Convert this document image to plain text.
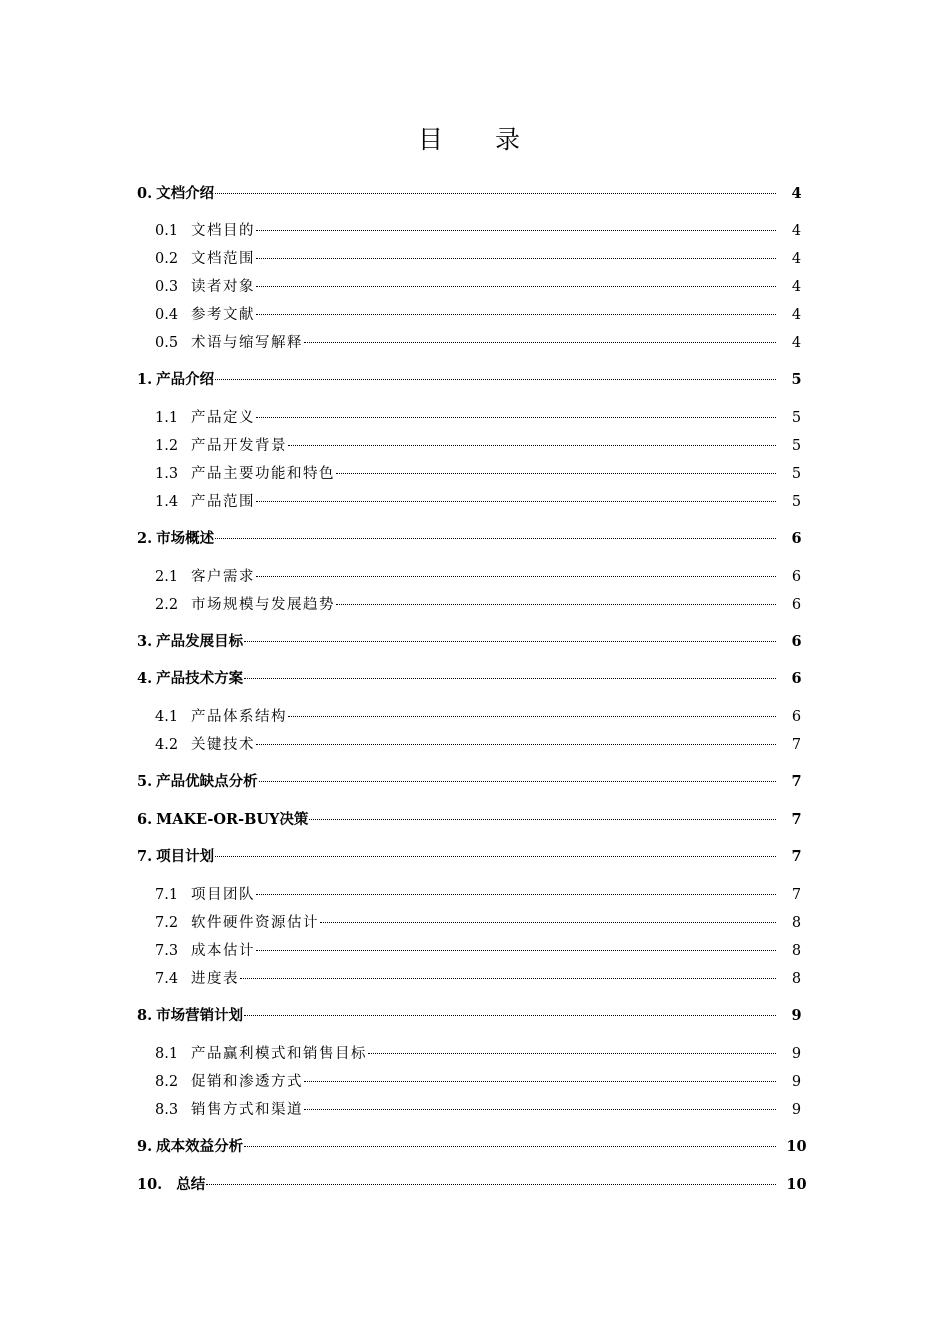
目 录
0. 文档介绍	4
0.1 文档目的	4
0.2 文档范围	4
0.3 读者对象	4
0.4 参考文献	4
0.5 术语与缩写解释	4
1. 产品介绍	5
1.1 产品定义	5
1.2 产品开发背景	5
1.3 产品主要功能和特色	5
1.4 产品范围	5
2. 市场概述	6
2.1 客户需求	6
2.2 市场规模与发展趋势	6
3. 产品发展目标	6
4. 产品技术方案	6
4.1 产品体系结构	6
4.2 关键技术	7
5. 产品优缺点分析	7
6. MAKE-OR-BUY决策	7
7. 项目计划	7
7.1 项目团队	7
7.2 软件硬件资源估计	8
7.3 成本估计	8
7.4 进度表	8
8. 市场营销计划	9
8.1 产品赢利模式和销售目标	9
8.2 促销和渗透方式	9
8.3 销售方式和渠道	9
9. 成本效益分析	10
10. 总结	10
